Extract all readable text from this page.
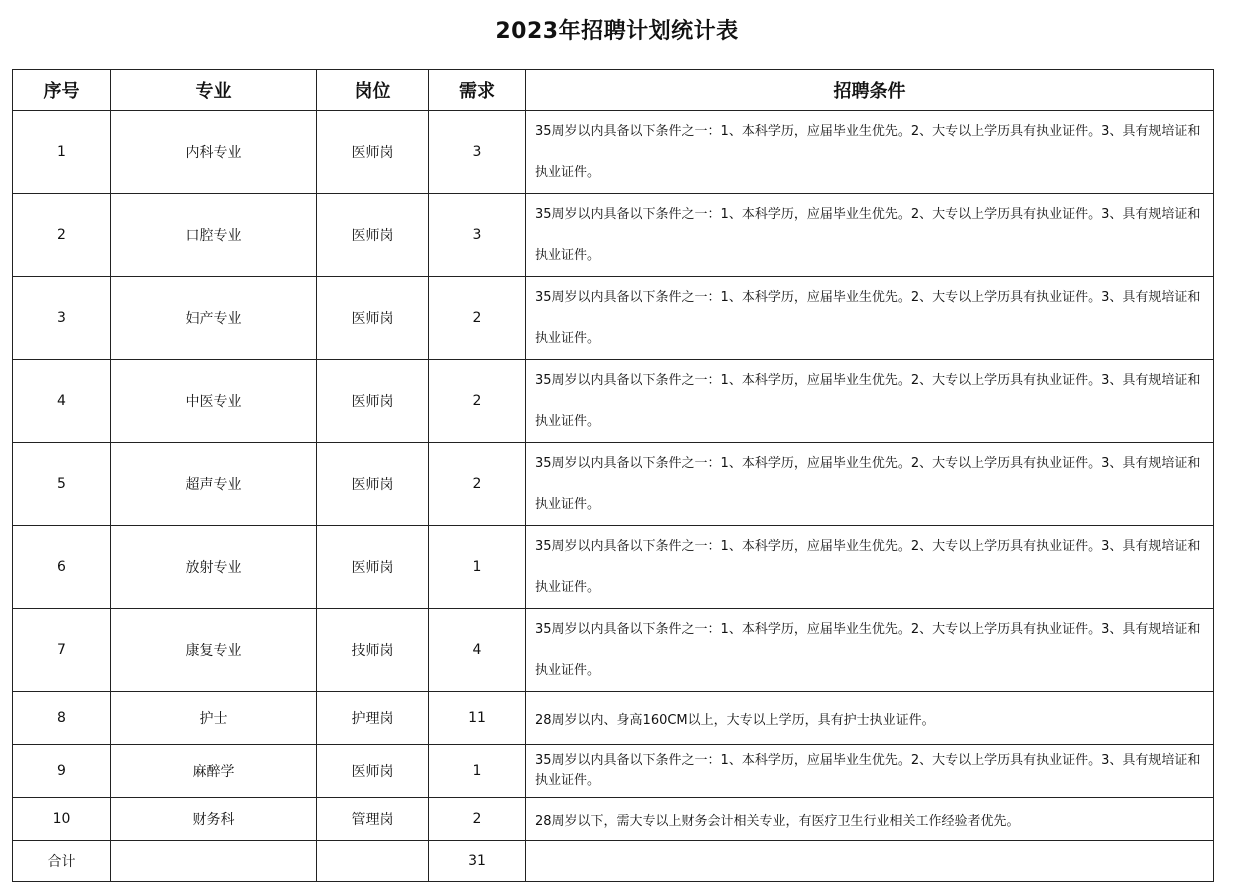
2023年招聘计划统计表
序号	专业	岗位	需求	招聘条件
1	内科专业	医师岗	3	35周岁以内具备以下条件之一：1、本科学历，应届毕业生优先。2、大专以上学历具有执业证件。3、具有规培证和执业证件。
2	口腔专业	医师岗	3	35周岁以内具备以下条件之一：1、本科学历，应届毕业生优先。2、大专以上学历具有执业证件。3、具有规培证和执业证件。
3	妇产专业	医师岗	2	35周岁以内具备以下条件之一：1、本科学历，应届毕业生优先。2、大专以上学历具有执业证件。3、具有规培证和执业证件。
4	中医专业	医师岗	2	35周岁以内具备以下条件之一：1、本科学历，应届毕业生优先。2、大专以上学历具有执业证件。3、具有规培证和执业证件。
5	超声专业	医师岗	2	35周岁以内具备以下条件之一：1、本科学历，应届毕业生优先。2、大专以上学历具有执业证件。3、具有规培证和执业证件。
6	放射专业	医师岗	1	35周岁以内具备以下条件之一：1、本科学历，应届毕业生优先。2、大专以上学历具有执业证件。3、具有规培证和执业证件。
7	康复专业	技师岗	4	35周岁以内具备以下条件之一：1、本科学历，应届毕业生优先。2、大专以上学历具有执业证件。3、具有规培证和执业证件。
8	护士	护理岗	11	28周岁以内、身高160CM以上，大专以上学历，具有护士执业证件。
9	麻醉学	医师岗	1	35周岁以内具备以下条件之一：1、本科学历，应届毕业生优先。2、大专以上学历具有执业证件。3、具有规培证和执业证件。
10	财务科	管理岗	2	28周岁以下，需大专以上财务会计相关专业，有医疗卫生行业相关工作经验者优先。
合计			31	
